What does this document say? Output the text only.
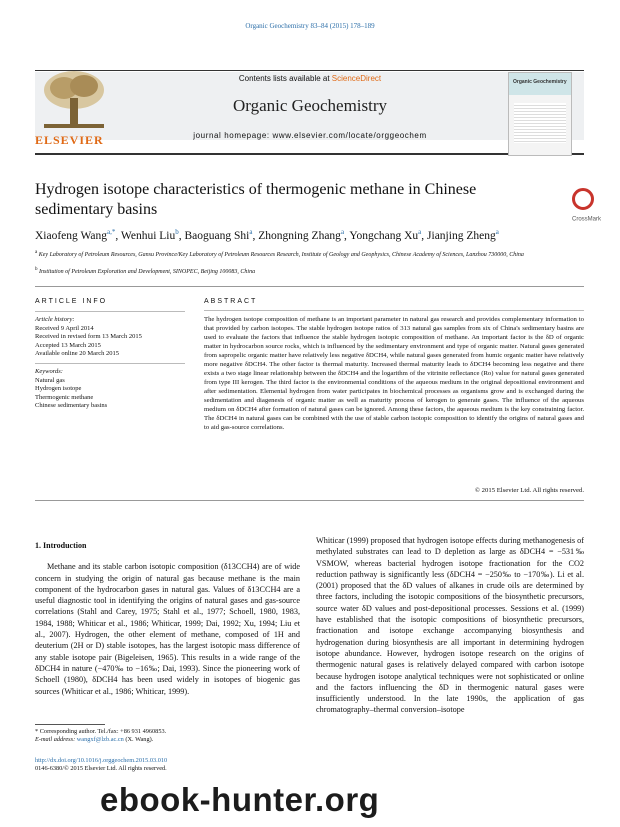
Organic Geochemistry 83–84 (2015) 178–189
ELSEVIER
Contents lists available at ScienceDirect
Organic Geochemistry
journal homepage: www.elsevier.com/locate/orggeochem
Organic Geochemistry
Hydrogen isotope characteristics of thermogenic methane in Chinese sedimentary basins
CrossMark
Xiaofeng Wang$^{a,*}$, Wenhui Liu$^b$, Baoguang Shi$^a$, Zhongning Zhang$^a$, Yongchang Xu$^a$, Jianjing Zheng$^a$
$^a$ Key Laboratory of Petroleum Resources, Gansu Province/Key Laboratory of Petroleum Resources Research, Institute of Geology and Geophysics, Chinese Academy of Sciences, Lanzhou 730000, China
$^b$ Institution of Petroleum Exploration and Development, SINOPEC, Beijing 100083, China
ARTICLE INFO
Article history:
Received 9 April 2014
Received in revised form 13 March 2015
Accepted 13 March 2015
Available online 20 March 2015
Keywords:
Natural gas
Hydrogen isotope
Thermogenic methane
Chinese sedimentary basins
ABSTRACT
The hydrogen isotope composition of methane is an important parameter in natural gas research and provides complementary information to that provided by carbon isotopes. The stable hydrogen isotope ratios of 313 natural gas samples from six of China's sedimentary basins are used to evaluate the factors that influence the stable hydrogen isotopic composition of methane. An important factor is the δD of organic matter in hydrocarbon source rocks, which is influenced by the sedimentary environment and type of organic matter. Natural gases generated from sapropelic organic matter have relatively less negative δDCH4, while natural gases generated from humic organic matter have relatively more negative δDCH4. The other factor is thermal maturity. Increased thermal maturity leads to δDCH4 becoming less negative and there exists a two stage linear relationship between the δDCH4 and the logarithm of the vitrinite reflectance (Ro) value for natural gases generated from type III kerogen. The third factor is the environmental conditions of the aqueous medium in the original depositional environment and after sedimentation. Elemental hydrogen from water participates in biochemical processes as organisms grow and is exchanged during the sedimentation and diagenesis of organic matter as well as maturity process of kerogen to generate gases. The influence of the aqueous medium on δDCH4 after formation of natural gases can be ignored. Among these factors, the aqueous medium is the key constraining factor. The δDCH4 in natural gases can be combined with the use of stable carbon isotopic composition to identify the origins of natural gases and to aid gas-source correlations.
© 2015 Elsevier Ltd. All rights reserved.
1. Introduction
Methane and its stable carbon isotopic composition (δ13CCH4) are of wide concern in studying the origin of natural gas because methane is the main component of the hydrocarbon gases in natural gas. Values of δ13CCH4 are a useful diagnostic tool in identifying the origins of natural gases and gas-source correlations (Stahl and Carey, 1975; Stahl et al., 1977; Schoell, 1980, 1983, 1984, 1988; Whiticar et al., 1986; Whiticar, 1999; Dai, 1992; Xu, 1994; Liu et al., 2007). Hydrogen, the other element of methane, composed of 1H and deuterium (2H or D) stable isotopes, has the largest isotopic mass difference of any stable isotope pair (Bigeleisen, 1965). This results in a wide range of the δDCH4 in nature (−470‰ to −16‰; Dai, 1993). Since the pioneering work of Schoell (1980), δDCH4 has been used widely in isotopes of biogenic gas sources (Whiticar et al., 1986; Whiticar, 1999).
Whiticar (1999) proposed that hydrogen isotope effects during methanogenesis of methylated substrates can lead to D depletion as large as δDCH4 = −531‰ VSMOW, whereas bacterial hydrogen isotope fractionation for the CO2 reduction pathway is significantly less (δDCH4 = −250‰ to −170‰). Li et al. (2001) proposed that the δD values of alkanes in crude oils are determined by three factors, including the isotopic compositions of the biosynthetic precursors, source water δD values and post-depositional processes. Sessions et al. (1999) have established that the isotopic compositions of biosynthetic precursors, fractionation and isotope exchange accompanying biosynthesis and hydrogenation during biosynthesis are all important in determining hydrogen isotope abundance. However, hydrogen isotope research on the origins of thermogenic natural gases is relatively delayed compared with carbon isotope because hydrogen isotope analytical techniques were not sophisticated or online and the factors influencing the δD in thermogenic natural gases were insufficiently understood. In the late 1990s, the application of gas chromatography–thermal conversion–isotope
* Corresponding author. Tel./fax: +86 931 4960853.
E-mail address: wangxf@lzb.ac.cn (X. Wang).
http://dx.doi.org/10.1016/j.orggeochem.2015.03.010
0146-6380/© 2015 Elsevier Ltd. All rights reserved.
ebook-hunter.org
